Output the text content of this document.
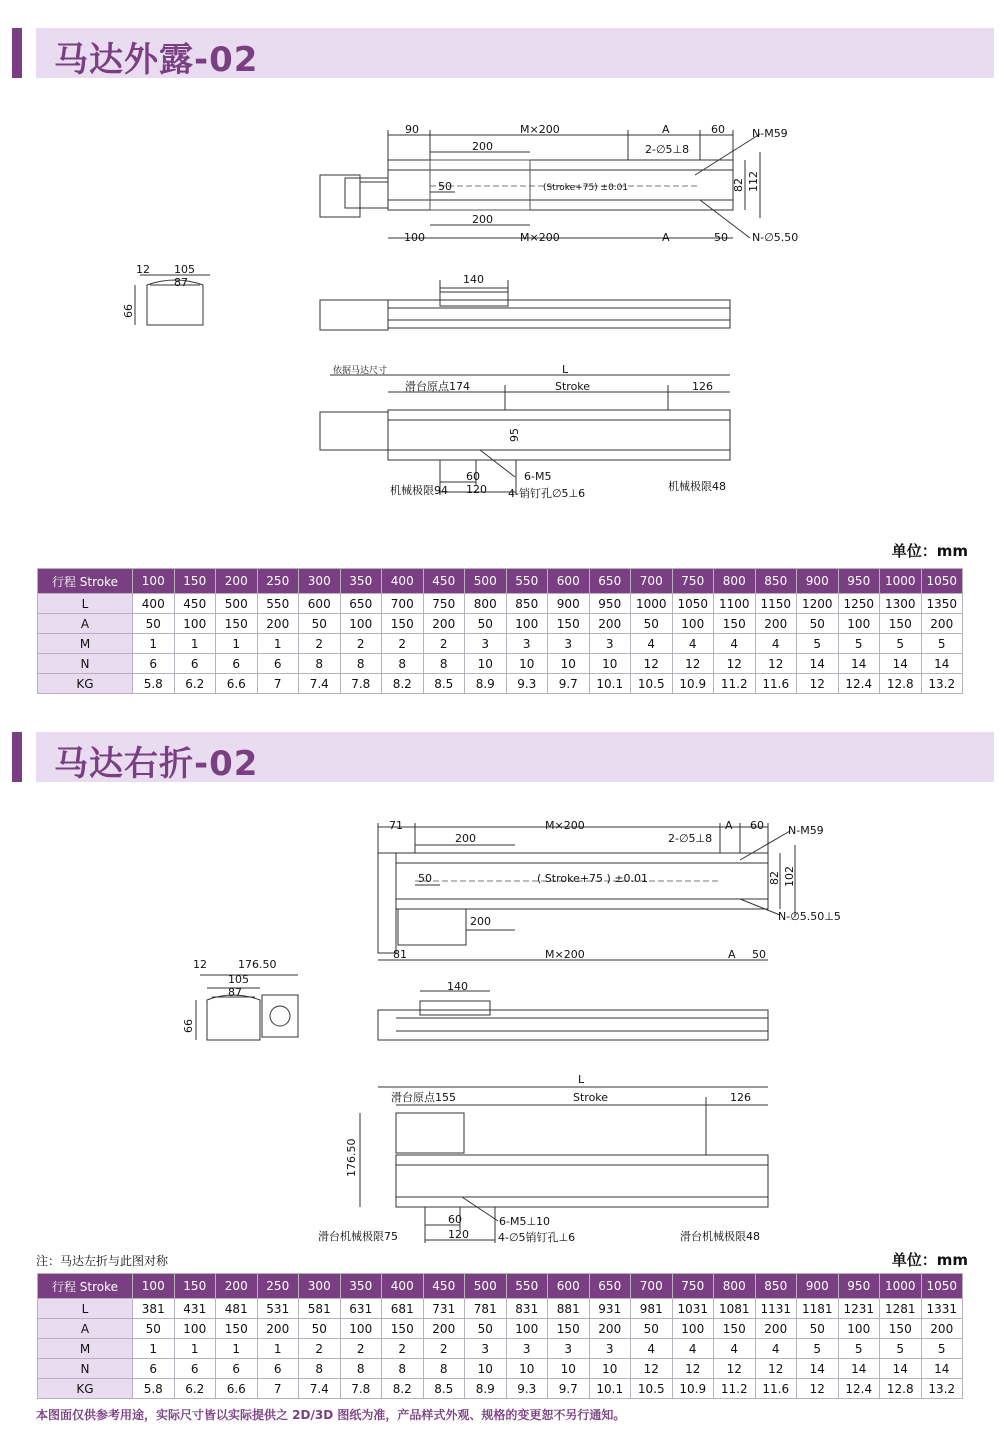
马达外露-02
90	M×200	A	60 N-M59
200	2-∅5⊥8
50	(Stroke+75) ±0.01
200
82 112
100	M×200	A	50 N-∅5.50
12 105
87
66
140
依据马达尺寸	L
滑台原点174	Stroke	126
95
6-M5
60
120 4-销钉孔∅5⊥6
机械极限94	机械极限48
单位：mm
行程 Stroke	100	150	200	250	300	350	400	450	500	550	600	650	700	750	800	850	900	950	1000	1050
L	400	450	500	550	600	650	700	750	800	850	900	950	1000	1050	1100	1150	1200	1250	1300	1350
A	50	100	150	200	50	100	150	200	50	100	150	200	50	100	150	200	50	100	150	200
M	1	1	1	1	2	2	2	2	3	3	3	3	4	4	4	4	5	5	5	5
N	6	6	6	6	8	8	8	8	10	10	10	10	12	12	12	12	14	14	14	14
KG	5.8	6.2	6.6	7	7.4	7.8	8.2	8.5	8.9	9.3	9.7	10.1	10.5	10.9	11.2	11.6	12	12.4	12.8	13.2
马达右折-02
71	M×200	A 60 N-M59
200	2-∅5⊥8
50	( Stroke+75 ) ±0.01	82 102
200	N-∅5.50⊥5
81	M×200	A 50
12	176.50
105
87
66
140
L
滑台原点155	Stroke	126
176.50
6-M5⊥10
60
120	4-∅5销钉孔⊥6
滑台机械极限75	滑台机械极限48
注：马达左折与此图对称	单位：mm
行程 Stroke	100	150	200	250	300	350	400	450	500	550	600	650	700	750	800	850	900	950	1000	1050
L	381	431	481	531	581	631	681	731	781	831	881	931	981	1031	1081	1131	1181	1231	1281	1331
A	50	100	150	200	50	100	150	200	50	100	150	200	50	100	150	200	50	100	150	200
M	1	1	1	1	2	2	2	2	3	3	3	3	4	4	4	4	5	5	5	5
N	6	6	6	6	8	8	8	8	10	10	10	10	12	12	12	12	14	14	14	14
KG	5.8	6.2	6.6	7	7.4	7.8	8.2	8.5	8.9	9.3	9.7	10.1	10.5	10.9	11.2	11.6	12	12.4	12.8	13.2
本图面仅供参考用途，实际尺寸皆以实际提供之 2D/3D 图纸为准，产品样式外观、规格的变更恕不另行通知。
